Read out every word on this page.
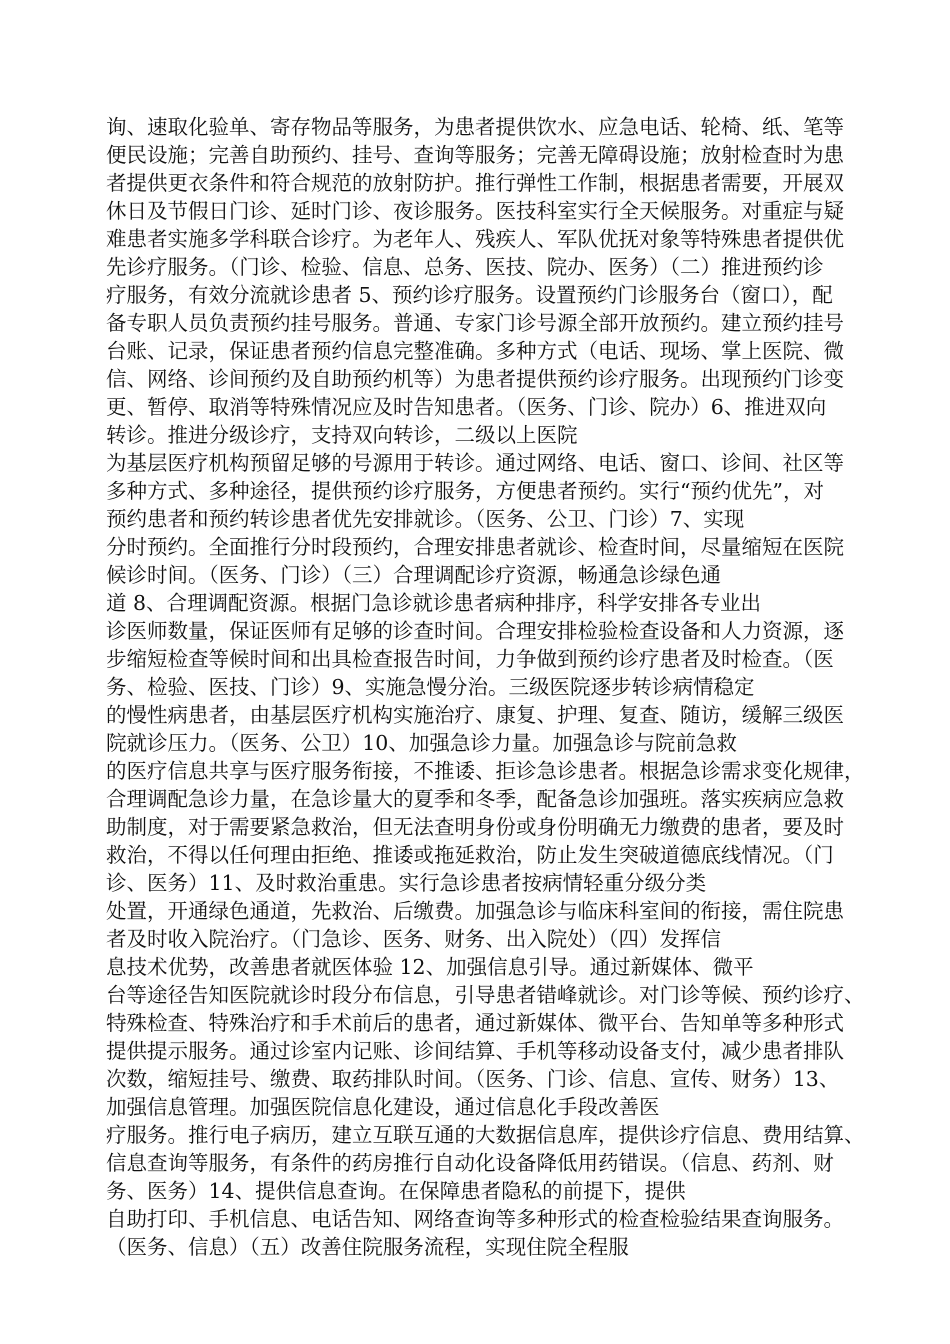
询、速取化验单、寄存物品等服务，为患者提供饮水、应急电话、轮椅、纸、笔等
便民设施；完善自助预约、挂号、查询等服务；完善无障碍设施；放射检查时为患
者提供更衣条件和符合规范的放射防护。推行弹性工作制，根据患者需要，开展双
休日及节假日门诊、延时门诊、夜诊服务。医技科室实行全天候服务。对重症与疑
难患者实施多学科联合诊疗。为老年人、残疾人、军队优抚对象等特殊患者提供优
先诊疗服务。（门诊、检验、信息、总务、医技、院办、医务）（二）推进预约诊
疗服务，有效分流就诊患者 5、预约诊疗服务。设置预约门诊服务台（窗口），配
备专职人员负责预约挂号服务。普通、专家门诊号源全部开放预约。建立预约挂号
台账、记录，保证患者预约信息完整准确。多种方式（电话、现场、掌上医院、微
信、网络、诊间预约及自助预约机等）为患者提供预约诊疗服务。出现预约门诊变
更、暂停、取消等特殊情况应及时告知患者。（医务、门诊、院办）6、推进双向
转诊。推进分级诊疗，支持双向转诊，二级以上医院
为基层医疗机构预留足够的号源用于转诊。通过网络、电话、窗口、诊间、社区等
多种方式、多种途径，提供预约诊疗服务，方便患者预约。实行“预约优先”，对
预约患者和预约转诊患者优先安排就诊。（医务、公卫、门诊）7、实现
分时预约。全面推行分时段预约，合理安排患者就诊、检查时间，尽量缩短在医院
候诊时间。（医务、门诊）（三）合理调配诊疗资源，畅通急诊绿色通
道 8、合理调配资源。根据门急诊就诊患者病种排序，科学安排各专业出
诊医师数量，保证医师有足够的诊查时间。合理安排检验检查设备和人力资源，逐
步缩短检查等候时间和出具检查报告时间，力争做到预约诊疗患者及时检查。（医
务、检验、医技、门诊）9、实施急慢分治。三级医院逐步转诊病情稳定
的慢性病患者，由基层医疗机构实施治疗、康复、护理、复查、随访，缓解三级医
院就诊压力。（医务、公卫）10、加强急诊力量。加强急诊与院前急救
的医疗信息共享与医疗服务衔接，不推诿、拒诊急诊患者。根据急诊需求变化规律，
合理调配急诊力量，在急诊量大的夏季和冬季，配备急诊加强班。落实疾病应急救
助制度，对于需要紧急救治，但无法查明身份或身份明确无力缴费的患者，要及时
救治，不得以任何理由拒绝、推诿或拖延救治，防止发生突破道德底线情况。（门
诊、医务）11、及时救治重患。实行急诊患者按病情轻重分级分类
处置，开通绿色通道，先救治、后缴费。加强急诊与临床科室间的衔接，需住院患
者及时收入院治疗。（门急诊、医务、财务、出入院处）（四）发挥信
息技术优势，改善患者就医体验 12、加强信息引导。通过新媒体、微平
台等途径告知医院就诊时段分布信息，引导患者错峰就诊。对门诊等候、预约诊疗、
特殊检查、特殊治疗和手术前后的患者，通过新媒体、微平台、告知单等多种形式
提供提示服务。通过诊室内记账、诊间结算、手机等移动设备支付，减少患者排队
次数，缩短挂号、缴费、取药排队时间。（医务、门诊、信息、宣传、财务）13、
加强信息管理。加强医院信息化建设，通过信息化手段改善医
疗服务。推行电子病历，建立互联互通的大数据信息库，提供诊疗信息、费用结算、
信息查询等服务，有条件的药房推行自动化设备降低用药错误。（信息、药剂、财
务、医务）14、提供信息查询。在保障患者隐私的前提下，提供
自助打印、手机信息、电话告知、网络查询等多种形式的检查检验结果查询服务。
（医务、信息）（五）改善住院服务流程，实现住院全程服
